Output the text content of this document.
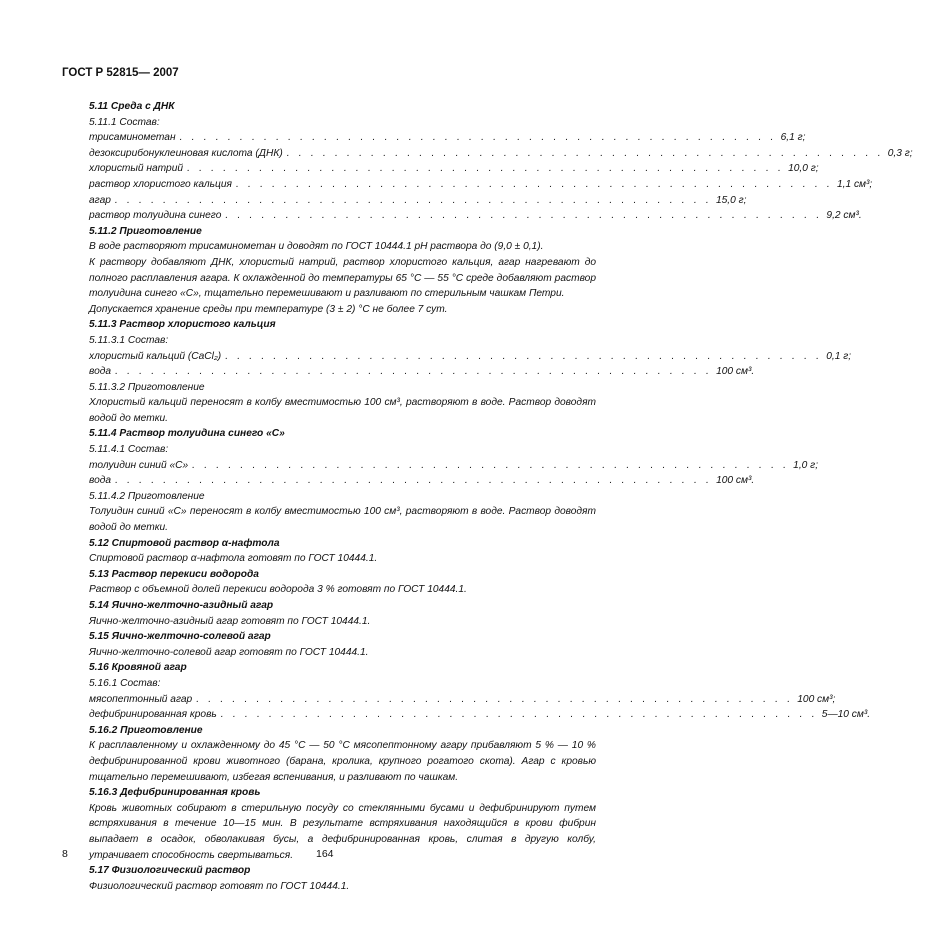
ГОСТ Р 52815— 2007

5.11 Среда с ДНК

5.11.1 Состав:

трисаминометан . . . . . . . . . . . . . . . . . . . . . . . . . . . . . . . . . . . . . . . . . . . . . . . . . . 6,1 г;
дезоксирибонуклеиновая кислота (ДНК) . . . . . . . . . . . . . . . . . . . . . . . . . . . . . . . . . . . . . . . . . . . . . . . . . . 0,3 г;
хлористый натрий . . . . . . . . . . . . . . . . . . . . . . . . . . . . . . . . . . . . . . . . . . . . . . . . . . 10,0 г;
раствор хлористого кальция . . . . . . . . . . . . . . . . . . . . . . . . . . . . . . . . . . . . . . . . . . . . . . . . . . 1,1 см³;
агар . . . . . . . . . . . . . . . . . . . . . . . . . . . . . . . . . . . . . . . . . . . . . . . . . . 15,0 г;
раствор толуидина синего . . . . . . . . . . . . . . . . . . . . . . . . . . . . . . . . . . . . . . . . . . . . . . . . . . 9,2 см³.

5.11.2 Приготовление

В воде растворяют трисаминометан и доводят по ГОСТ 10444.1 pH раствора до (9,0 ± 0,1).

К раствору добавляют ДНК, хлористый натрий, раствор хлористого кальция, агар нагревают до полного расплавления агара. К охлажденной до температуры 65 °С — 55 °С среде добавляют раствор толуидина синего «С», тщательно перемешивают и разливают по стерильным чашкам Петри.

Допускается хранение среды при температуре (3 ± 2) °С не более 7 сут.

5.11.3 Раствор хлористого кальция

5.11.3.1 Состав:

хлористый кальций (CaCl₂) . . . . . . . . . . . . . . . . . . . . . . . . . . . . . . . . . . . . . . . . . . . . . . . . . . 0,1 г;
вода . . . . . . . . . . . . . . . . . . . . . . . . . . . . . . . . . . . . . . . . . . . . . . . . . . 100 см³.

5.11.3.2 Приготовление

Хлористый кальций переносят в колбу вместимостью 100 см³, растворяют в воде. Раствор доводят водой до метки.

5.11.4 Раствор толуидина синего «С»

5.11.4.1 Состав:

толуидин синий «С» . . . . . . . . . . . . . . . . . . . . . . . . . . . . . . . . . . . . . . . . . . . . . . . . . . 1,0 г;
вода . . . . . . . . . . . . . . . . . . . . . . . . . . . . . . . . . . . . . . . . . . . . . . . . . . 100 см³.

5.11.4.2 Приготовление

Толуидин синий «С» переносят в колбу вместимостью 100 см³, растворяют в воде. Раствор доводят водой до метки.

5.12 Спиртовой раствор α-нафтола

Спиртовой раствор α-нафтола готовят по ГОСТ 10444.1.

5.13 Раствор перекиси водорода

Раствор с объемной долей перекиси водорода 3 % готовят по ГОСТ 10444.1.

5.14 Яично-желточно-азидный агар

Яично-желточно-азидный агар готовят по ГОСТ 10444.1.

5.15 Яично-желточно-солевой агар

Яично-желточно-солевой агар готовят по ГОСТ 10444.1.

5.16 Кровяной агар

5.16.1 Состав:

мясопептонный агар . . . . . . . . . . . . . . . . . . . . . . . . . . . . . . . . . . . . . . . . . . . . . . . . . . 100 см³;
дефибринированная кровь . . . . . . . . . . . . . . . . . . . . . . . . . . . . . . . . . . . . . . . . . . . . . . . . . . 5—10 см³.

5.16.2 Приготовление

К расплавленному и охлажденному до 45 °С — 50 °С мясопептонному агару прибавляют 5 % — 10 % дефибринированной крови животного (барана, кролика, крупного рогатого скота). Агар с кровью тщательно перемешивают, избегая вспенивания, и разливают по чашкам.

5.16.3 Дефибринированная кровь

Кровь животных собирают в стерильную посуду со стеклянными бусами и дефибринируют путем встряхивания в течение 10—15 мин. В результате встряхивания находящийся в крови фибрин выпадает в осадок, обволакивая бусы, а дефибринированная кровь, слитая в другую колбу, утрачивает способность свертываться.

5.17 Физиологический раствор

Физиологический раствор готовят по ГОСТ 10444.1.

8	164
